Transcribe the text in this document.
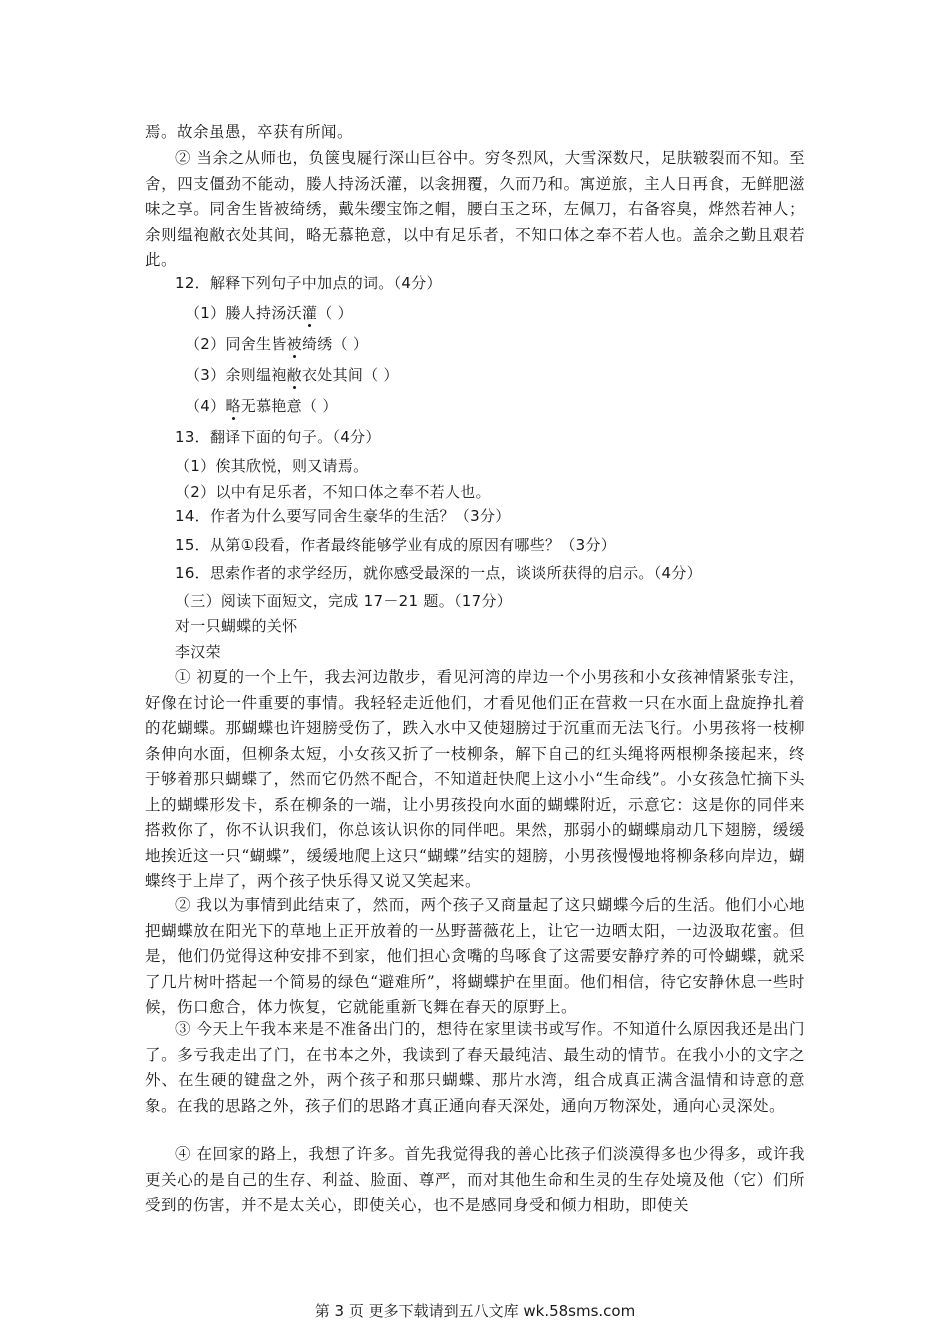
焉。故余虽愚，卒获有所闻。

② 当余之从师也，负箧曳屣行深山巨谷中。穷冬烈风，大雪深数尺，足肤皲裂而不知。至舍，四支僵劲不能动，媵人持汤沃灌，以衾拥覆，久而乃和。寓逆旅，主人日再食，无鲜肥滋味之享。同舍生皆被绮绣，戴朱缨宝饰之帽，腰白玉之环，左佩刀，右备容臭，烨然若神人；余则缊袍敝衣处其间，略无慕艳意，以中有足乐者，不知口体之奉不若人也。盖余之勤且艰若此。

12．解释下列句子中加点的词。（4分）

（1）媵人持汤沃灌（ ）

（2）同舍生皆被绮绣（ ）

（3）余则缊袍敝衣处其间（ ）

（4）略无慕艳意（ ）

13．翻译下面的句子。（4分）

（1）俟其欣悦，则又请焉。

（2）以中有足乐者，不知口体之奉不若人也。

14．作者为什么要写同舍生豪华的生活？（3分）

15．从第①段看，作者最终能够学业有成的原因有哪些？（3分）

16．思索作者的求学经历，就你感受最深的一点，谈谈所获得的启示。（4分）

（三）阅读下面短文，完成 17－21 题。（17分）

对一只蝴蝶的关怀

李汉荣

① 初夏的一个上午，我去河边散步，看见河湾的岸边一个小男孩和小女孩神情紧张专注，好像在讨论一件重要的事情。我轻轻走近他们，才看见他们正在营救一只在水面上盘旋挣扎着的花蝴蝶。那蝴蝶也许翅膀受伤了，跌入水中又使翅膀过于沉重而无法飞行。小男孩将一枝柳条伸向水面，但柳条太短，小女孩又折了一枝柳条，解下自己的红头绳将两根柳条接起来，终于够着那只蝴蝶了，然而它仍然不配合，不知道赶快爬上这小小“生命线”。小女孩急忙摘下头上的蝴蝶形发卡，系在柳条的一端，让小男孩投向水面的蝴蝶附近，示意它：这是你的同伴来搭救你了，你不认识我们，你总该认识你的同伴吧。果然，那弱小的蝴蝶扇动几下翅膀，缓缓地挨近这一只“蝴蝶”，缓缓地爬上这只“蝴蝶”结实的翅膀，小男孩慢慢地将柳条移向岸边，蝴蝶终于上岸了，两个孩子快乐得又说又笑起来。

② 我以为事情到此结束了，然而，两个孩子又商量起了这只蝴蝶今后的生活。他们小心地把蝴蝶放在阳光下的草地上正开放着的一丛野蔷薇花上，让它一边晒太阳，一边汲取花蜜。但是，他们仍觉得这种安排不到家，他们担心贪嘴的鸟啄食了这需要安静疗养的可怜蝴蝶，就采了几片树叶搭起一个简易的绿色“避难所”，将蝴蝶护在里面。他们相信，待它安静休息一些时候，伤口愈合，体力恢复，它就能重新飞舞在春天的原野上。

③ 今天上午我本来是不准备出门的，想待在家里读书或写作。不知道什么原因我还是出门了。多亏我走出了门，在书本之外，我读到了春天最纯洁、最生动的情节。在我小小的文字之外、在生硬的键盘之外，两个孩子和那只蝴蝶、那片水湾，组合成真正满含温情和诗意的意象。在我的思路之外，孩子们的思路才真正通向春天深处，通向万物深处，通向心灵深处。

④ 在回家的路上，我想了许多。首先我觉得我的善心比孩子们淡漠得多也少得多，或许我更关心的是自己的生存、利益、脸面、尊严，而对其他生命和生灵的生存处境及他（它）们所受到的伤害，并不是太关心，即使关心，也不是感同身受和倾力相助，即使关

第 3 页 更多下载请到五八文库 wk.58sms.com
